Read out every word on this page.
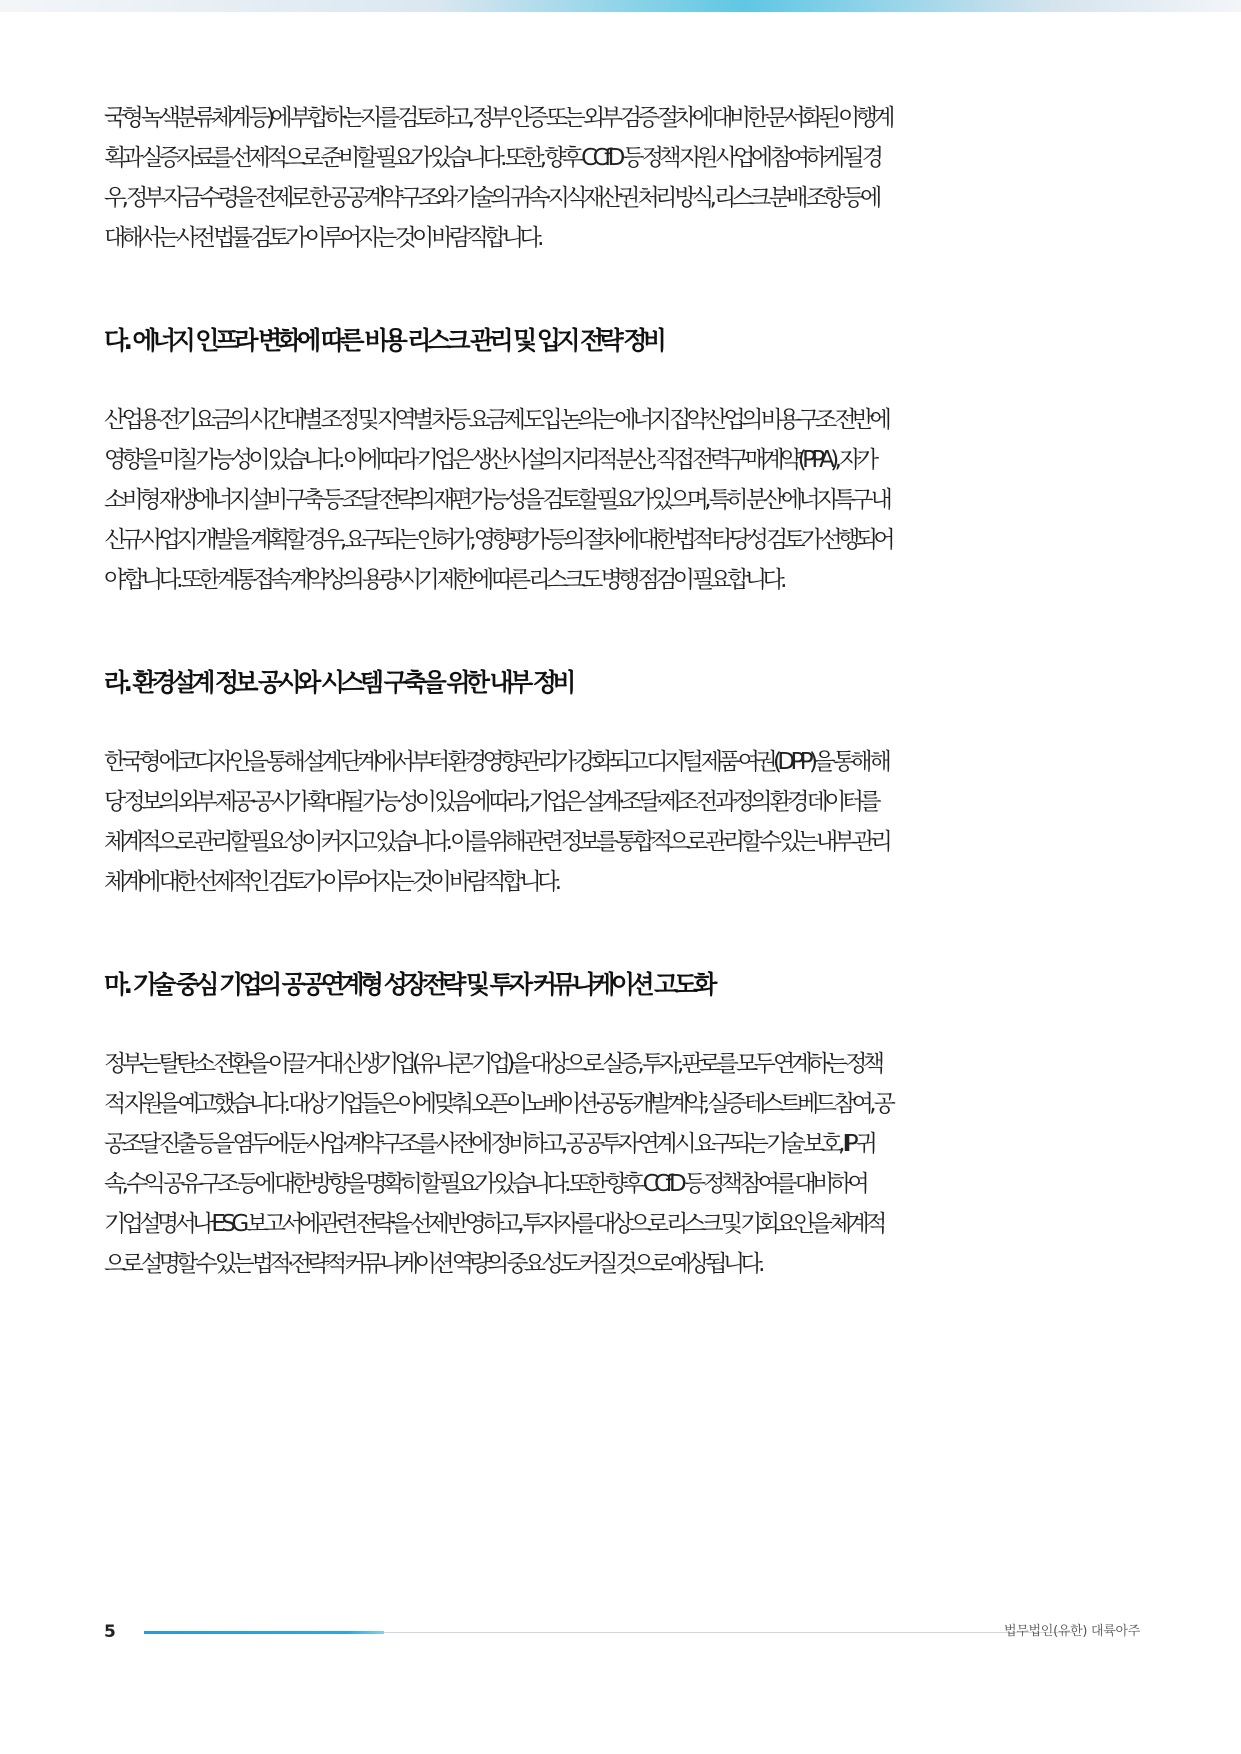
국형 녹색분류체계 등)에 부합하는지를 검토하고, 정부 인증 또는 외부 검증 절차에 대비한 문서화된 이행계
획과 실증자료를 선제적으로 준비할 필요가 있습니다. 또한, 향후 CCfD 등 정책 지원 사업에 참여하게 될 경
우, 정부 자금 수령을 전제로 한 공공계약 구조와 기술의 귀속·지식재산권 처리 방식, 리스크 분배 조항 등에
대해서는 사전 법률 검토가 이루어지는 것이 바람직합니다.

다. 에너지 인프라 변화에 따른 비용 리스크 관리 및 입지 전략 정비

산업용 전기요금의 시간대별 조정 및 지역별 차등 요금제 도입 논의는 에너지 집약 산업의 비용 구조 전반에
영향을 미칠 가능성이 있습니다. 이에 따라 기업은 생산시설의 지리적 분산, 직접 전력구매계약(PPA), 자가
소비형 재생에너지 설비 구축 등 조달 전략의 재편 가능성을 검토할 필요가 있으며, 특히 분산에너지특구 내
신규 사업지 개발을 계획할 경우, 요구되는 인허가, 영향평가 등의 절차에 대한 법적 타당성 검토가 선행되어
야 합니다. 또한 계통접속 계약상의 용량·시기 제한에 따른 리스크도 병행 점검이 필요합니다.

라. 환경설계 정보 공시와 시스템 구축을 위한 내부 정비

한국형 에코디자인을 통해 설계 단계에서부터 환경영향 관리가 강화되고 디지털 제품 여권(DPP)을 통해 해
당 정보의 외부 제공·공시가 확대될 가능성이 있음에 따라, 기업은 설계·조달·제조 전 과정의 환경 데이터를
체계적으로 관리할 필요성이 커지고 있습니다. 이를 위해 관련 정보를 통합적으로 관리할 수 있는 내부 관리
체계에 대한 선제적인 검토가 이루어지는 것이 바람직합니다.

마. 기술 중심 기업의 공공연계형 성장전략 및 투자 커뮤니케이션 고도화

정부는 탈탄소 전환을 이끌 거대 신생기업(유니콘 기업)을 대상으로 실증, 투자, 판로를 모두 연계하는 정책
적 지원을 예고했습니다. 대상 기업들은 이에 맞춰 오픈이노베이션·공동개발계약, 실증 테스트베드 참여, 공
공조달 진출 등을 염두에 둔 사업·계약 구조를 사전에 정비하고, 공공투자 연계 시 요구되는 기술 보호, IP 귀
속, 수익 공유 구조 등에 대한 방향을 명확히 할 필요가 있습니다. 또한 향후 CCfD 등 정책 참여를 대비하여
기업설명서나 ESG 보고서에 관련 전략을 선제 반영하고, 투자자를 대상으로 리스크 및 기회요인을 체계적
으로 설명할 수 있는 법적·전략적 커뮤니케이션 역량의 중요성도 커질 것으로 예상됩니다.

5	법무법인(유한) 대륙아주
